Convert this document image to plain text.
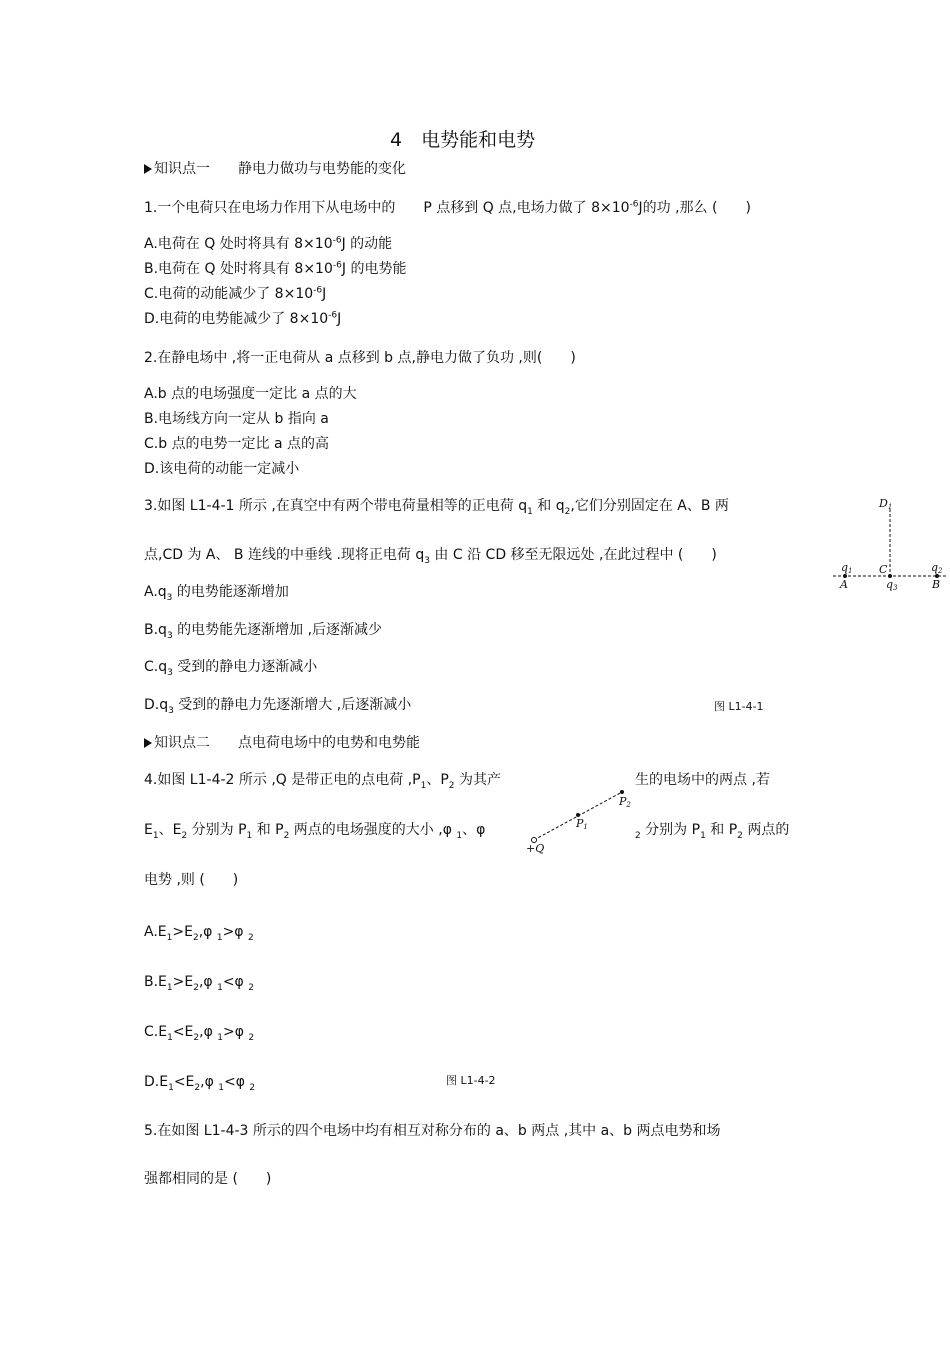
4　电势能和电势
知识点一　　静电力做功与电势能的变化
1.一个电荷只在电场力作用下从电场中的　　P 点移到 Q 点,电场力做了 $8\times 10^{-6}J$的功 ,那么 (　　)
A.电荷在 Q 处时将具有 $8\times 10^{-6}J$ 的动能
B.电荷在 Q 处时将具有 $8\times 10^{-6}J$ 的电势能
C.电荷的动能减少了 $8\times 10^{-6}J$
D.电荷的电势能减少了 $8\times 10^{-6}J$
2.在静电场中 ,将一正电荷从 a 点移到 b 点,静电力做了负功 ,则(　　)
A.b 点的电场强度一定比 a 点的大
B.电场线方向一定从 b 指向 a
C.b 点的电势一定比 a 点的高
D.该电荷的动能一定减小
3.如图 L1-4-1 所示 ,在真空中有两个带电荷量相等的正电荷 $q_1$ 和 $q_2$,它们分别固定在 A、B 两
点,CD 为 A、 B 连线的中垂线 .现将正电荷 $q_3$ 由 C 沿 CD 移至无限远处 ,在此过程中 (　　)
$A.q_3$ 的电势能逐渐增加
$B.q_3$ 的电势能先逐渐增加 ,后逐渐减少
$C.q_3$ 受到的静电力逐渐减小
$D.q_3$ 受到的静电力先逐渐增大 ,后逐渐减小	图 L1-4-1
D1
q1 C	q2
A	q3	B
知识点二　　点电荷电场中的电势和电势能
4.如图 L1-4-2 所示 ,Q 是带正电的点电荷 $,P_1$、$P_2$ 为其产	生的电场中的两点 ,若
$E_1$、$E_2$ 分别为 $P_1$ 和 $P_2$ 两点的电场强度的大小 ,φ $_1$、φ	$_2$ 分别为 $P_1$ 和 $P_2$ 两点的
电势 ,则 (　　)
$A.E_1>E_2,\varphi$ $_1$>φ $_2$
$B.E_1>E_2,\varphi$ $_1$<φ $_2$
$C.E_1<E_2,\varphi$ $_1$>φ $_2$
$D.E_1<E_2,\varphi$ $_1$<φ $_2$
图 L1-4-2
+Q
P1
P2
5.在如图 L1-4-3 所示的四个电场中均有相互对称分布的 a、b 两点 ,其中 a、b 两点电势和场
强都相同的是 (　　)
